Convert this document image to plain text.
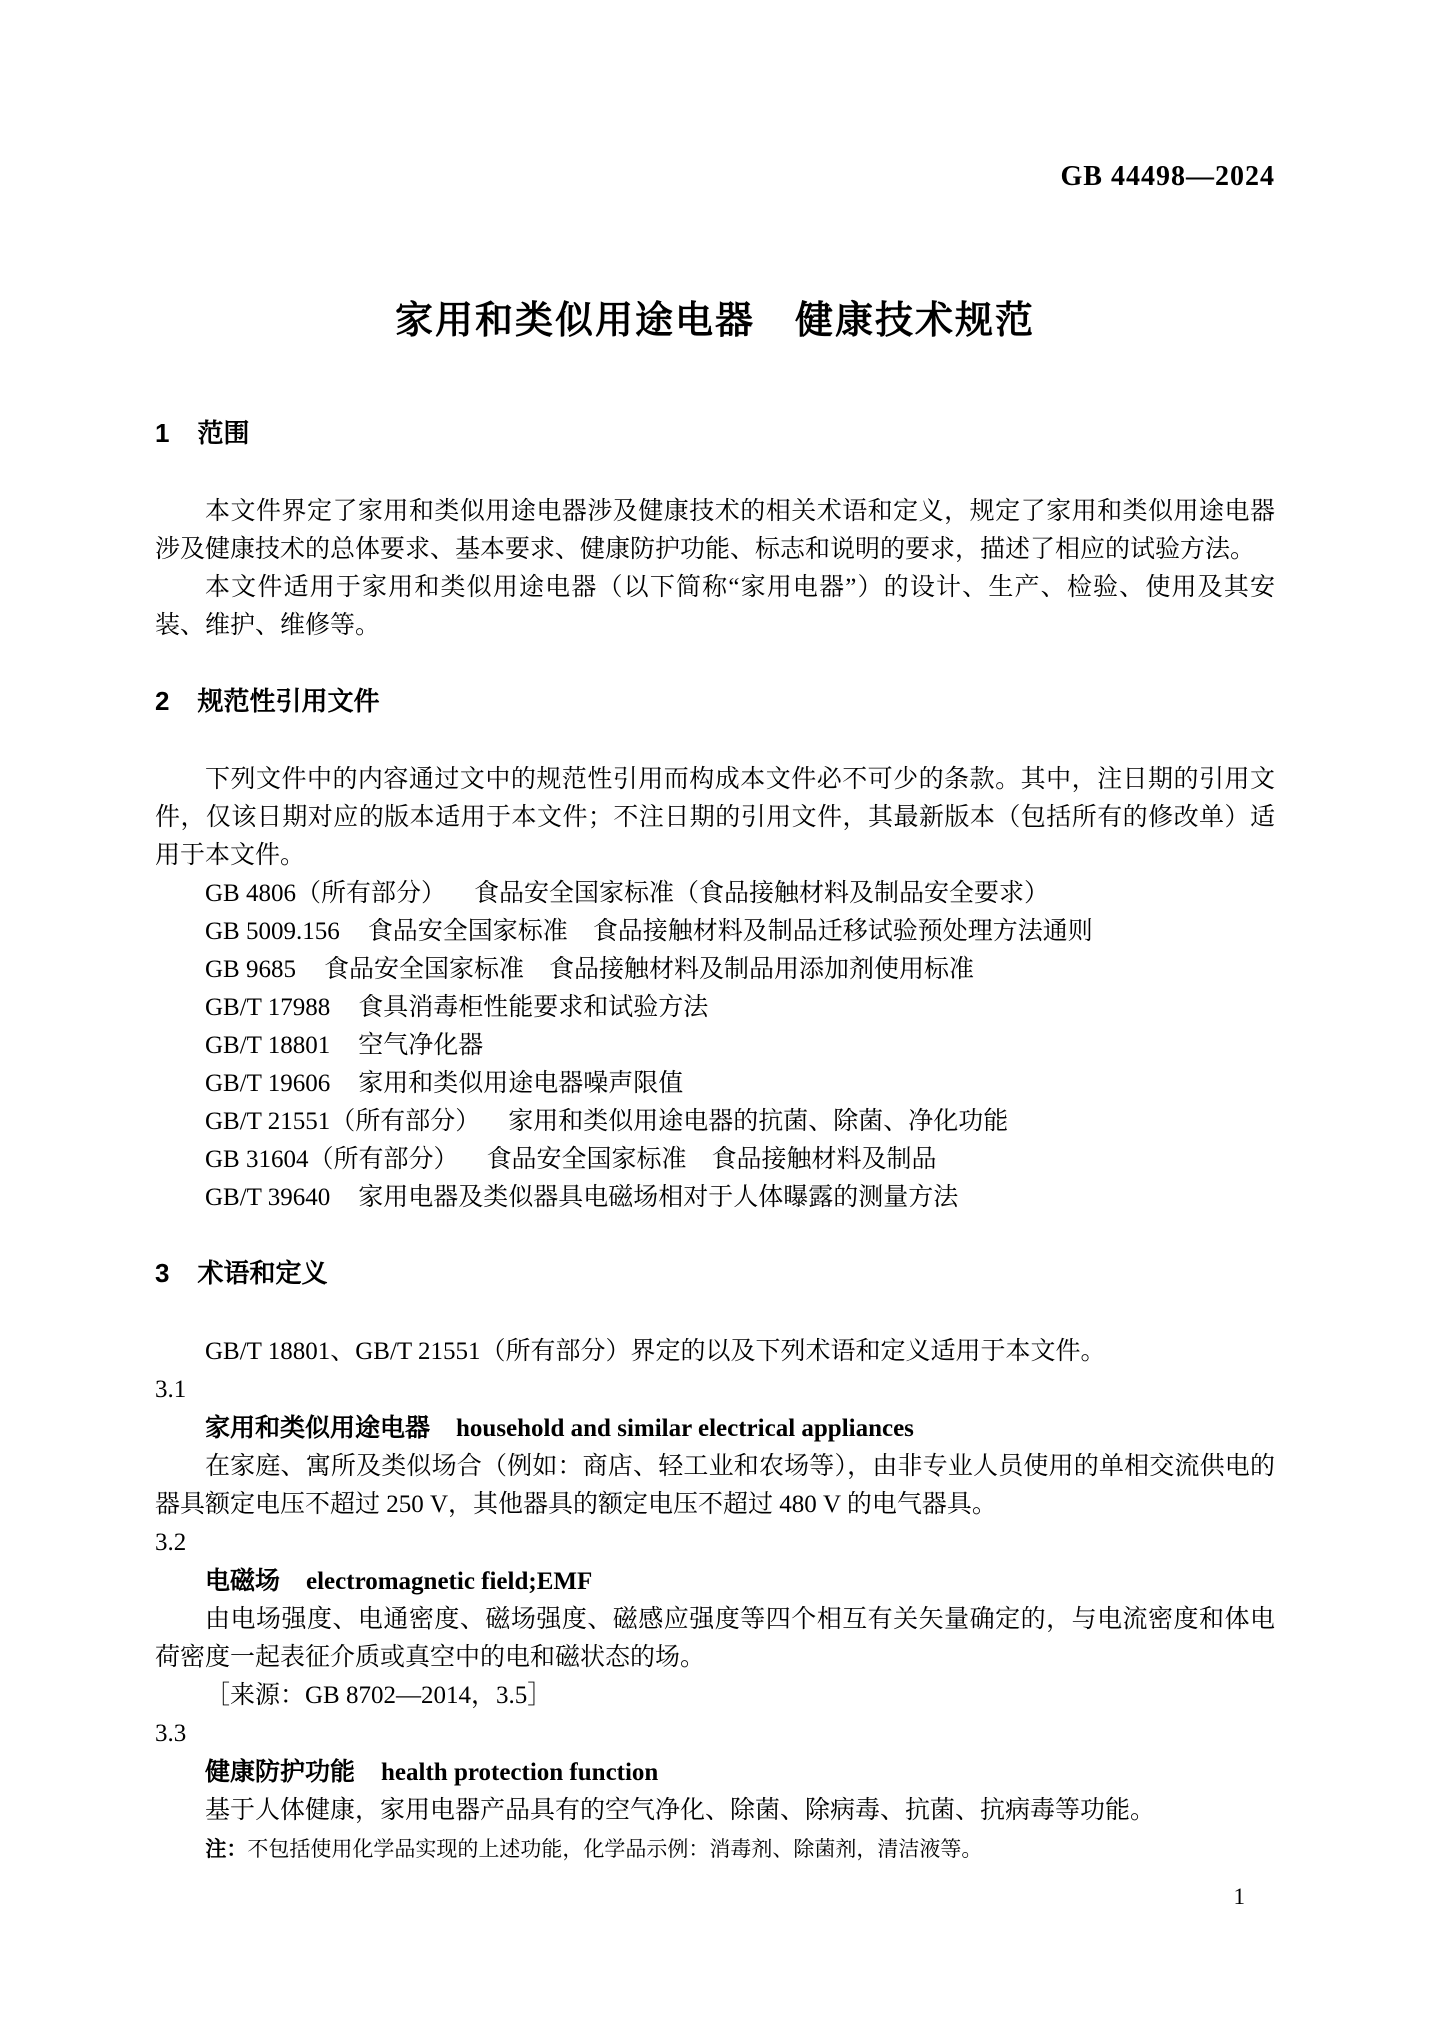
GB 44498—2024
家用和类似用途电器　健康技术规范
1 范围

本文件界定了家用和类似用途电器涉及健康技术的相关术语和定义，规定了家用和类似用途电器涉及健康技术的总体要求、基本要求、健康防护功能、标志和说明的要求，描述了相应的试验方法。

本文件适用于家用和类似用途电器（以下简称“家用电器”）的设计、生产、检验、使用及其安装、维护、维修等。

2 规范性引用文件

下列文件中的内容通过文中的规范性引用而构成本文件必不可少的条款。其中，注日期的引用文件，仅该日期对应的版本适用于本文件；不注日期的引用文件，其最新版本（包括所有的修改单）适用于本文件。

GB 4806（所有部分） 食品安全国家标准（食品接触材料及制品安全要求）
GB 5009.156 食品安全国家标准　食品接触材料及制品迁移试验预处理方法通则
GB 9685 食品安全国家标准　食品接触材料及制品用添加剂使用标准
GB/T 17988 食具消毒柜性能要求和试验方法
GB/T 18801 空气净化器
GB/T 19606 家用和类似用途电器噪声限值
GB/T 21551（所有部分） 家用和类似用途电器的抗菌、除菌、净化功能
GB 31604（所有部分） 食品安全国家标准　食品接触材料及制品
GB/T 39640 家用电器及类似器具电磁场相对于人体曝露的测量方法
3 术语和定义

GB/T 18801、GB/T 21551（所有部分）界定的以及下列术语和定义适用于本文件。

3.1
家用和类似用途电器 household and similar electrical appliances

在家庭、寓所及类似场合（例如：商店、轻工业和农场等），由非专业人员使用的单相交流供电的器具额定电压不超过 250 V，其他器具的额定电压不超过 480 V 的电气器具。

3.2
电磁场 electromagnetic field;EMF

由电场强度、电通密度、磁场强度、磁感应强度等四个相互有关矢量确定的，与电流密度和体电荷密度一起表征介质或真空中的电和磁状态的场。

［来源：GB 8702—2014，3.5］
3.3
健康防护功能 health protection function

基于人体健康，家用电器产品具有的空气净化、除菌、除病毒、抗菌、抗病毒等功能。

注：不包括使用化学品实现的上述功能，化学品示例：消毒剂、除菌剂，清洁液等。
1
